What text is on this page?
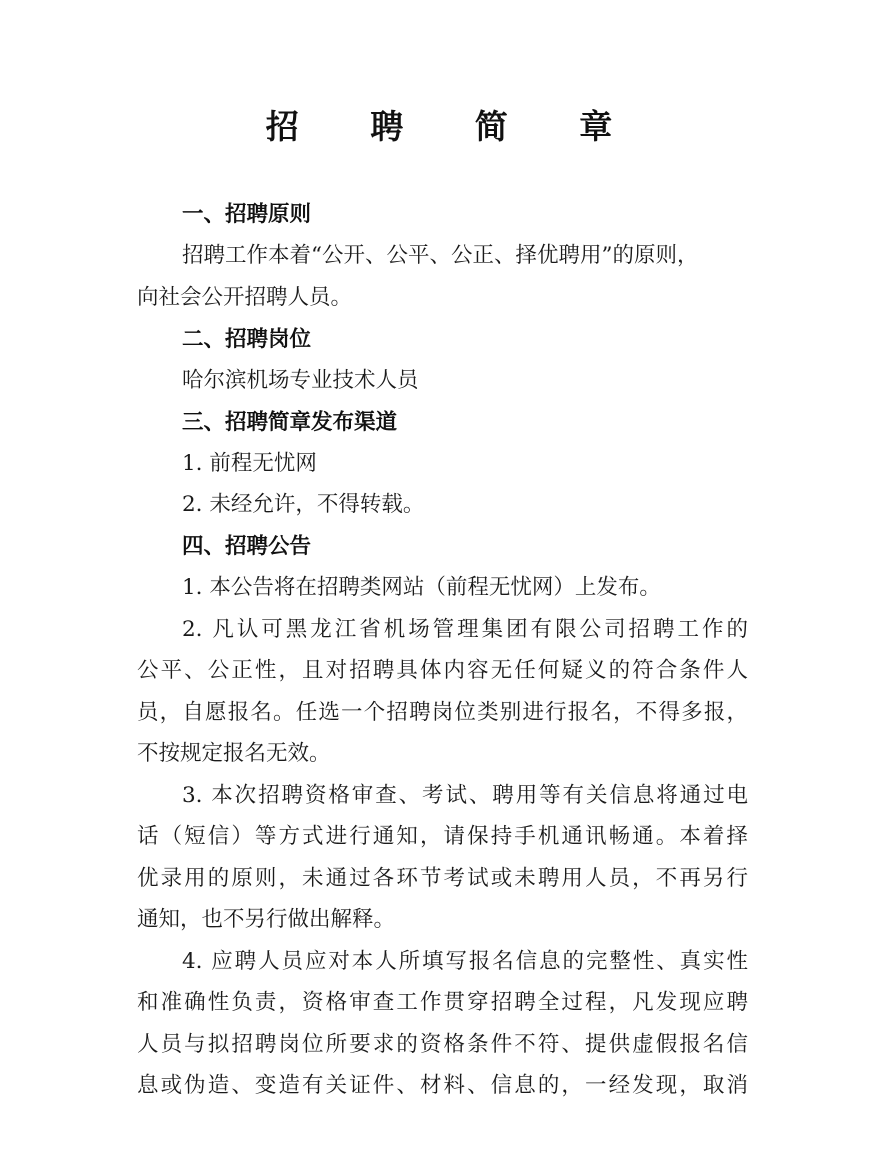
招 聘 简 章
一、招聘原则
招聘工作本着“公开、公平、公正、择优聘用”的原则，
向社会公开招聘人员。
二、招聘岗位
哈尔滨机场专业技术人员
三、招聘简章发布渠道
1. 前程无忧网
2. 未经允许，不得转载。
四、招聘公告
1. 本公告将在招聘类网站（前程无忧网）上发布。
2. 凡认可黑龙江省机场管理集团有限公司招聘工作的
公平、公正性，且对招聘具体内容无任何疑义的符合条件人
员，自愿报名。任选一个招聘岗位类别进行报名，不得多报，
不按规定报名无效。
3. 本次招聘资格审查、考试、聘用等有关信息将通过电
话（短信）等方式进行通知，请保持手机通讯畅通。本着择
优录用的原则，未通过各环节考试或未聘用人员，不再另行
通知，也不另行做出解释。
4. 应聘人员应对本人所填写报名信息的完整性、真实性
和准确性负责，资格审查工作贯穿招聘全过程，凡发现应聘
人员与拟招聘岗位所要求的资格条件不符、提供虚假报名信
息或伪造、变造有关证件、材料、信息的，一经发现，取消
